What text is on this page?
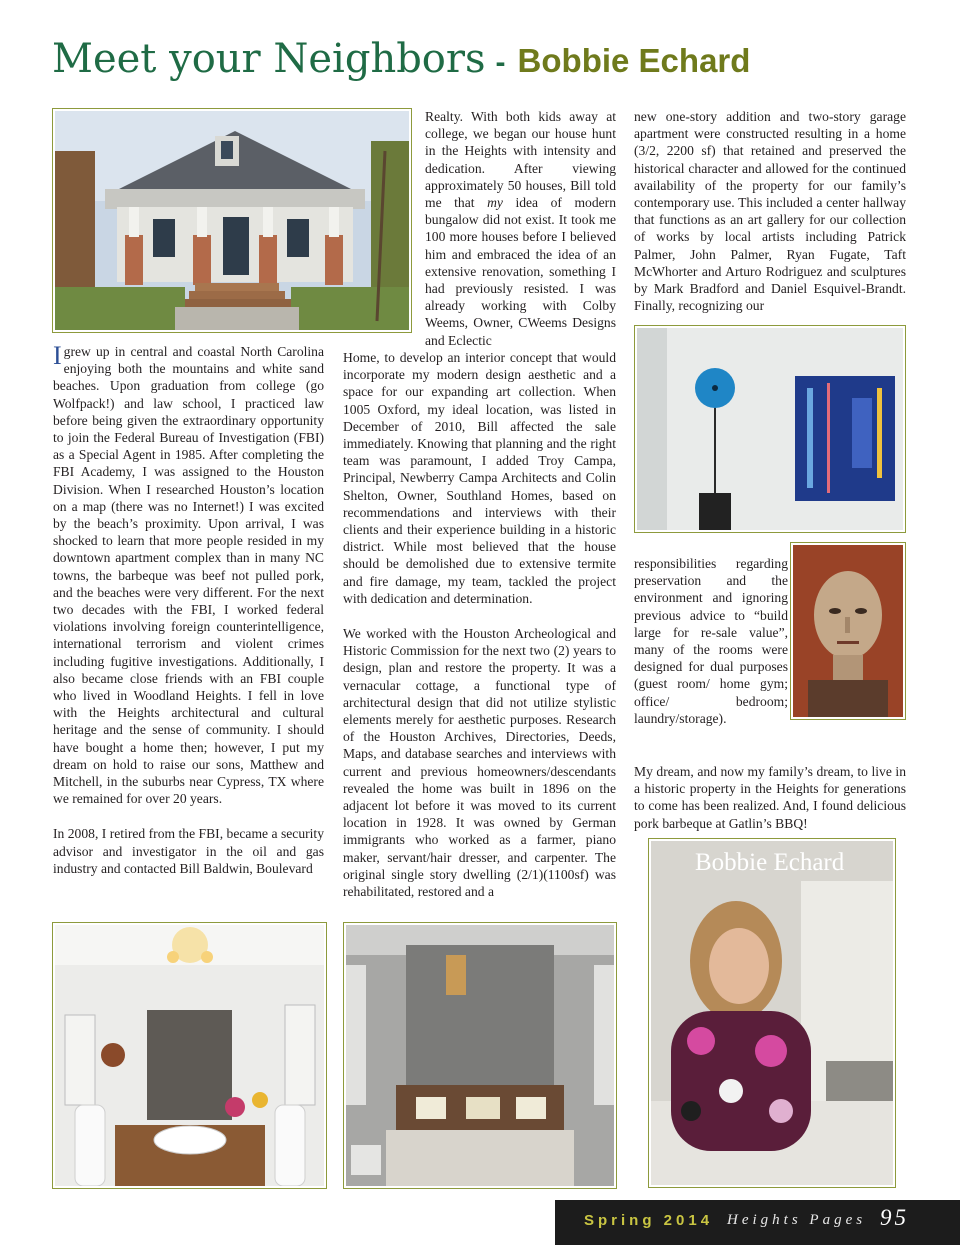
Meet your Neighbors - Bobbie Echard

Igrew up in central and coastal North Carolina enjoying both the mountains and white sand beaches. Upon graduation from college (go Wolfpack!) and law school, I practiced law before being given the extraordinary opportunity to join the Federal Bureau of Investigation (FBI) as a Special Agent in 1985. After completing the FBI Academy, I was assigned to the Houston Division. When I researched Houston’s location on a map (there was no Internet!) I was excited by the beach’s proximity. Upon arrival, I was shocked to learn that more people resided in my downtown apartment complex than in many NC towns, the barbeque was beef not pulled pork, and the beaches were very different. For the next two decades with the FBI, I worked federal violations involving foreign counterintelligence, international terrorism and violent crimes including fugitive investigations. Additionally, I also became close friends with an FBI couple who lived in Woodland Heights. I fell in love with the Heights architectural and cultural heritage and the sense of community. I should have bought a home then; however, I put my dream on hold to raise our sons, Matthew and Mitchell, in the suburbs near Cypress, TX where we remained for over 20 years.

In 2008, I retired from the FBI, became a security advisor and investigator in the oil and gas industry and contacted Bill Baldwin, Boulevard

Realty. With both kids away at college, we began our house hunt in the Heights with intensity and dedication. After viewing approximately 50 houses, Bill told me that my idea of modern bungalow did not exist. It took me 100 more houses before I believed him and embraced the idea of an extensive renovation, something I had previously resisted. I was already working with Colby Weems, Owner, CWeems Designs and Eclectic

Home, to develop an interior concept that would incorporate my modern design aesthetic and a space for our expanding art collection. When 1005 Oxford, my ideal location, was listed in December of 2010, Bill affected the sale immediately. Knowing that planning and the right team was paramount, I added Troy Campa, Principal, Newberry Campa Architects and Colin Shelton, Owner, Southland Homes, based on recommendations and interviews with their clients and their experience building in a historic district. While most believed that the house should be demolished due to extensive termite and fire damage, my team, tackled the project with dedication and determination.

We worked with the Houston Archeological and Historic Commission for the next two (2) years to design, plan and restore the property. It was a vernacular cottage, a functional type of architectural design that did not utilize stylistic elements merely for aesthetic purposes. Research of the Houston Archives, Directories, Deeds, Maps, and database searches and interviews with current and previous homeowners/descendants revealed the home was built in 1896 on the adjacent lot before it was moved to its current location in 1928. It was owned by German immigrants who worked as a farmer, piano maker, servant/hair dresser, and carpenter. The original single story dwelling (2/1)(1100sf) was rehabilitated, restored and a

new one-story addition and two-story garage apartment were constructed resulting in a home (3/2, 2200 sf) that retained and preserved the historical character and allowed for the continued availability of the property for our family’s contemporary use. This included a center hallway that functions as an art gallery for our collection of works by local artists including Patrick Palmer, John Palmer, Ryan Fugate, Taft McWhorter and Arturo Rodriguez and sculptures by Mark Bradford and Daniel Esquivel-Brandt. Finally, recognizing our

responsibilities regarding preservation and the environment and ignoring previous advice to “build large for re-sale value”, many of the rooms were designed for dual purposes (guest room/ home gym; office/ bedroom; laundry/storage).

My dream, and now my family’s dream, to live in a historic property in the Heights for generations to come has been realized. And, I found delicious pork barbeque at Gatlin’s BBQ!

Bobbie Echard
Spring 2014 Heights Pages 95
